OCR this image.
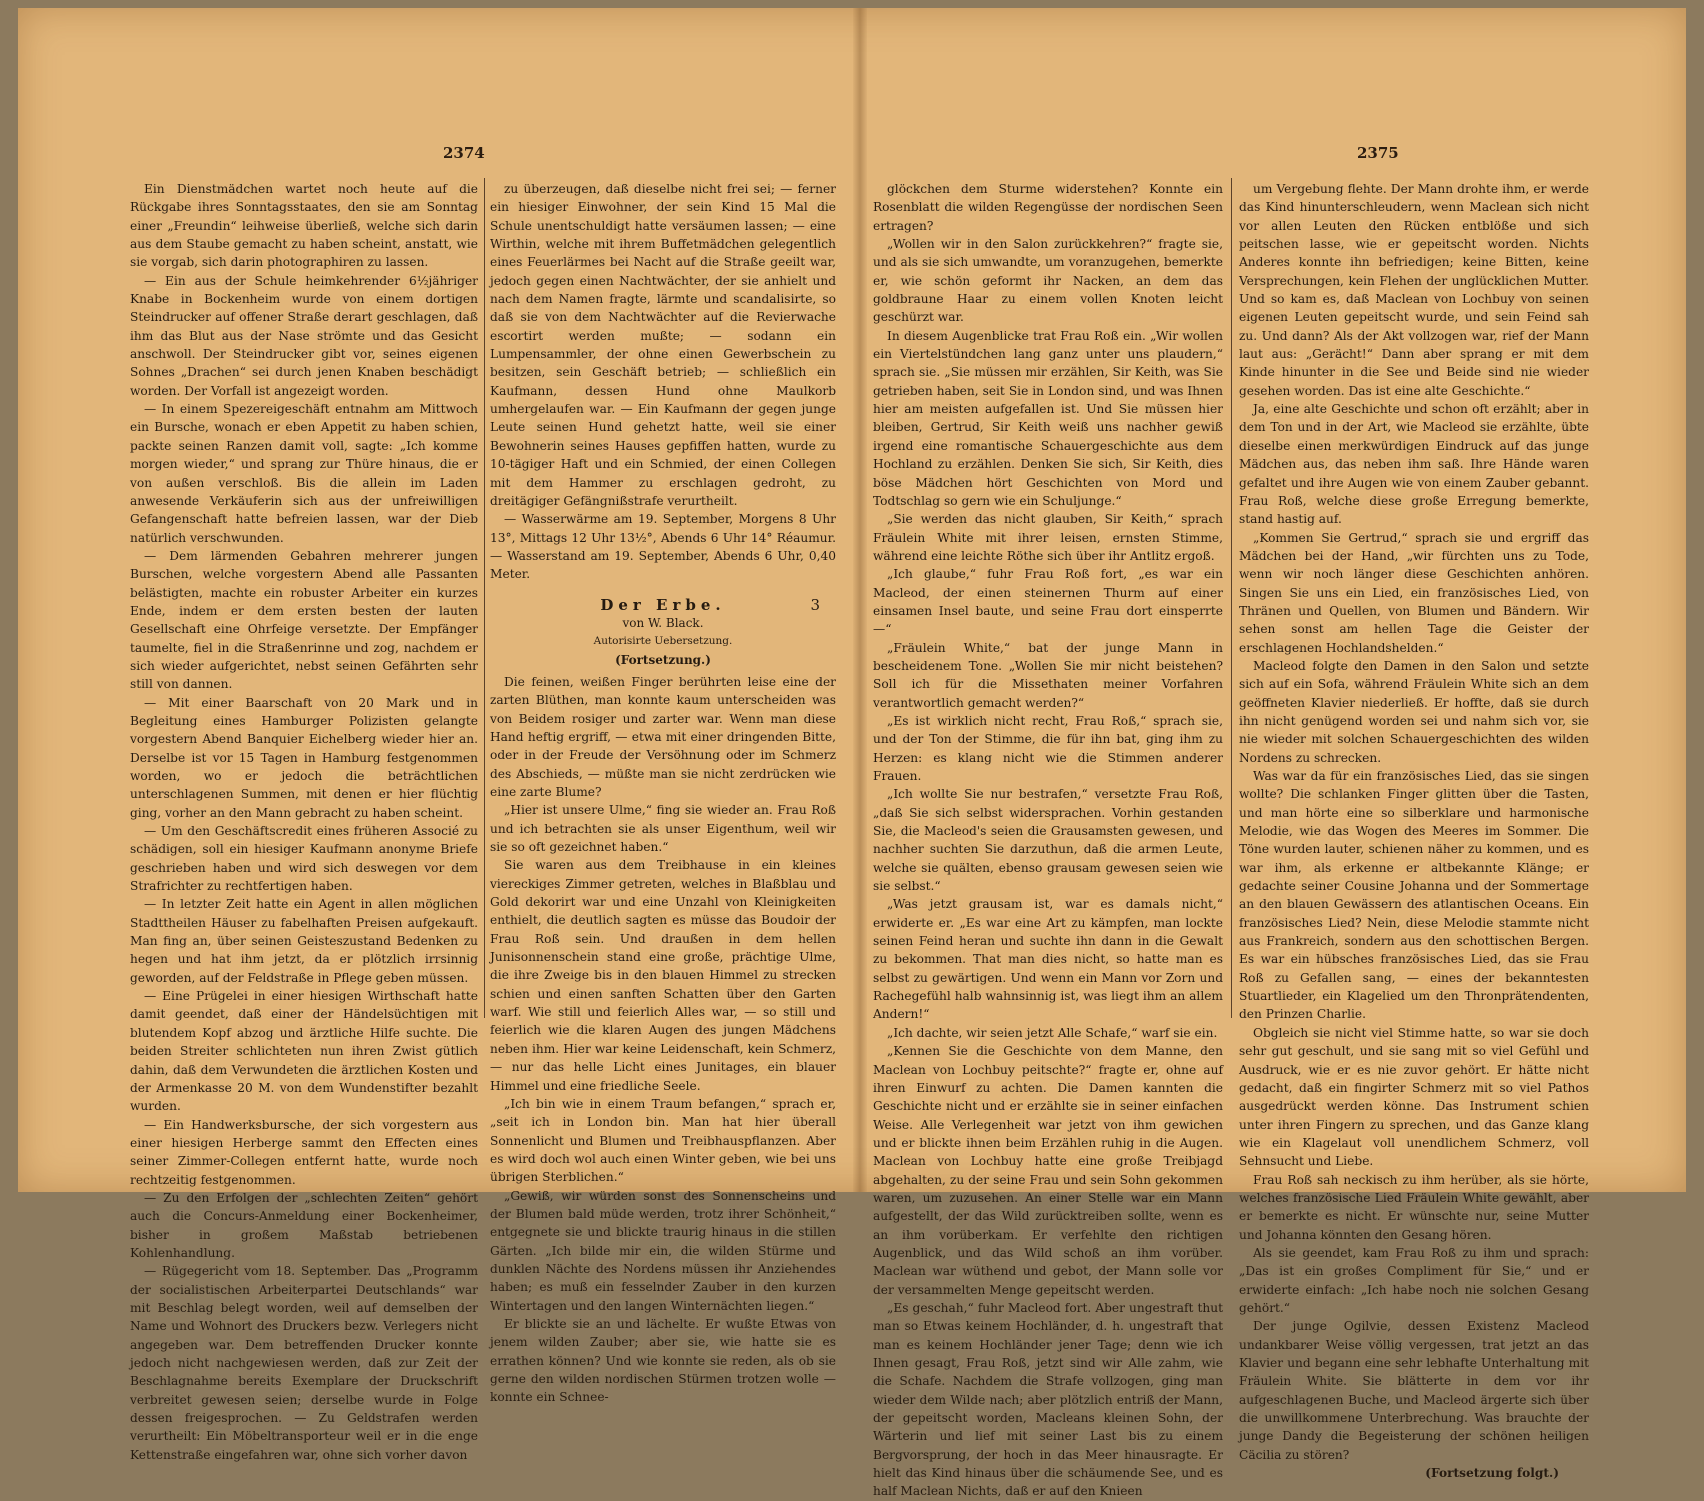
2374

Ein Dienstmädchen wartet noch heute auf die Rückgabe ihres Sonntagsstaates, den sie am Sonntag einer „Freundin“ leihweise überließ, welche sich darin aus dem Staube gemacht zu haben scheint, anstatt, wie sie vorgab, sich darin photographiren zu lassen.

— Ein aus der Schule heimkehrender 6½jähriger Knabe in Bockenheim wurde von einem dortigen Steindrucker auf offener Straße derart geschlagen, daß ihm das Blut aus der Nase strömte und das Gesicht anschwoll. Der Steindrucker gibt vor, seines eigenen Sohnes „Drachen“ sei durch jenen Knaben beschädigt worden. Der Vorfall ist angezeigt worden.

— In einem Spezereigeschäft entnahm am Mittwoch ein Bursche, wonach er eben Appetit zu haben schien, packte seinen Ranzen damit voll, sagte: „Ich komme morgen wieder,“ und sprang zur Thüre hinaus, die er von außen verschloß. Bis die allein im Laden anwesende Verkäuferin sich aus der unfreiwilligen Gefangenschaft hatte befreien lassen, war der Dieb natürlich verschwunden.

— Dem lärmenden Gebahren mehrerer jungen Burschen, welche vorgestern Abend alle Passanten belästigten, machte ein robuster Arbeiter ein kurzes Ende, indem er dem ersten besten der lauten Gesellschaft eine Ohrfeige versetzte. Der Empfänger taumelte, fiel in die Straßenrinne und zog, nachdem er sich wieder aufgerichtet, nebst seinen Gefährten sehr still von dannen.

— Mit einer Baarschaft von 20 Mark und in Begleitung eines Hamburger Polizisten gelangte vorgestern Abend Banquier Eichelberg wieder hier an. Derselbe ist vor 15 Tagen in Hamburg festgenommen worden, wo er jedoch die beträchtlichen unterschlagenen Summen, mit denen er hier flüchtig ging, vorher an den Mann gebracht zu haben scheint.

— Um den Geschäftscredit eines früheren Associé zu schädigen, soll ein hiesiger Kaufmann anonyme Briefe geschrieben haben und wird sich deswegen vor dem Strafrichter zu rechtfertigen haben.

— In letzter Zeit hatte ein Agent in allen möglichen Stadttheilen Häuser zu fabelhaften Preisen aufgekauft. Man fing an, über seinen Geisteszustand Bedenken zu hegen und hat ihm jetzt, da er plötzlich irrsinnig geworden, auf der Feldstraße in Pflege geben müssen.

— Eine Prügelei in einer hiesigen Wirthschaft hatte damit geendet, daß einer der Händelsüchtigen mit blutendem Kopf abzog und ärztliche Hilfe suchte. Die beiden Streiter schlichteten nun ihren Zwist gütlich dahin, daß dem Verwundeten die ärztlichen Kosten und der Armenkasse 20 M. von dem Wundenstifter bezahlt wurden.

— Ein Handwerksbursche, der sich vorgestern aus einer hiesigen Herberge sammt den Effecten eines seiner Zimmer-Collegen entfernt hatte, wurde noch rechtzeitig festgenommen.

— Zu den Erfolgen der „schlechten Zeiten“ gehört auch die Concurs-Anmeldung einer Bockenheimer, bisher in großem Maßstab betriebenen Kohlenhandlung.

— Rügegericht vom 18. September. Das „Programm der socialistischen Arbeiterpartei Deutschlands“ war mit Beschlag belegt worden, weil auf demselben der Name und Wohnort des Druckers bezw. Verlegers nicht angegeben war. Dem betreffenden Drucker konnte jedoch nicht nachgewiesen werden, daß zur Zeit der Beschlagnahme bereits Exemplare der Druckschrift verbreitet gewesen seien; derselbe wurde in Folge dessen freigesprochen. — Zu Geldstrafen werden verurtheilt: Ein Möbeltransporteur weil er in die enge Kettenstraße eingefahren war, ohne sich vorher davon

zu überzeugen, daß dieselbe nicht frei sei; — ferner ein hiesiger Einwohner, der sein Kind 15 Mal die Schule unentschuldigt hatte versäumen lassen; — eine Wirthin, welche mit ihrem Buffetmädchen gelegentlich eines Feuerlärmes bei Nacht auf die Straße geeilt war, jedoch gegen einen Nachtwächter, der sie anhielt und nach dem Namen fragte, lärmte und scandalisirte, so daß sie von dem Nachtwächter auf die Revierwache escortirt werden mußte; — sodann ein Lumpensammler, der ohne einen Gewerbschein zu besitzen, sein Geschäft betrieb; — schließlich ein Kaufmann, dessen Hund ohne Maulkorb umhergelaufen war. — Ein Kaufmann der gegen junge Leute seinen Hund gehetzt hatte, weil sie einer Bewohnerin seines Hauses gepfiffen hatten, wurde zu 10-tägiger Haft und ein Schmied, der einen Collegen mit dem Hammer zu erschlagen gedroht, zu dreitägiger Gefängnißstrafe verurtheilt.

— Wasserwärme am 19. September, Morgens 8 Uhr 13°, Mittags 12 Uhr 13½°, Abends 6 Uhr 14° Réaumur. — Wasserstand am 19. September, Abends 6 Uhr, 0,40 Meter.

Der Erbe.	3

von W. Black.

Autorisirte Uebersetzung.

(Fortsetzung.)

Die feinen, weißen Finger berührten leise eine der zarten Blüthen, man konnte kaum unterscheiden was von Beidem rosiger und zarter war. Wenn man diese Hand heftig ergriff, — etwa mit einer dringenden Bitte, oder in der Freude der Versöhnung oder im Schmerz des Abschieds, — müßte man sie nicht zerdrücken wie eine zarte Blume?

„Hier ist unsere Ulme,“ fing sie wieder an. Frau Roß und ich betrachten sie als unser Eigenthum, weil wir sie so oft gezeichnet haben.“

Sie waren aus dem Treibhause in ein kleines viereckiges Zimmer getreten, welches in Blaßblau und Gold dekorirt war und eine Unzahl von Kleinigkeiten enthielt, die deutlich sagten es müsse das Boudoir der Frau Roß sein. Und draußen in dem hellen Junisonnenschein stand eine große, prächtige Ulme, die ihre Zweige bis in den blauen Himmel zu strecken schien und einen sanften Schatten über den Garten warf. Wie still und feierlich Alles war, — so still und feierlich wie die klaren Augen des jungen Mädchens neben ihm. Hier war keine Leidenschaft, kein Schmerz, — nur das helle Licht eines Junitages, ein blauer Himmel und eine friedliche Seele.

„Ich bin wie in einem Traum befangen,“ sprach er, „seit ich in London bin. Man hat hier überall Sonnenlicht und Blumen und Treibhauspflanzen. Aber es wird doch wol auch einen Winter geben, wie bei uns übrigen Sterblichen.“

„Gewiß, wir würden sonst des Sonnenscheins und der Blumen bald müde werden, trotz ihrer Schönheit,“ entgegnete sie und blickte traurig hinaus in die stillen Gärten. „Ich bilde mir ein, die wilden Stürme und dunklen Nächte des Nordens müssen ihr Anziehendes haben; es muß ein fesselnder Zauber in den kurzen Wintertagen und den langen Winternächten liegen.“

Er blickte sie an und lächelte. Er wußte Etwas von jenem wilden Zauber; aber sie, wie hatte sie es errathen können? Und wie konnte sie reden, als ob sie gerne den wilden nordischen Stürmen trotzen wolle — konnte ein Schnee-

2375

glöckchen dem Sturme widerstehen? Konnte ein Rosenblatt die wilden Regengüsse der nordischen Seen ertragen?

„Wollen wir in den Salon zurückkehren?“ fragte sie, und als sie sich umwandte, um voranzugehen, bemerkte er, wie schön geformt ihr Nacken, an dem das goldbraune Haar zu einem vollen Knoten leicht geschürzt war.

In diesem Augenblicke trat Frau Roß ein. „Wir wollen ein Viertelstündchen lang ganz unter uns plaudern,“ sprach sie. „Sie müssen mir erzählen, Sir Keith, was Sie getrieben haben, seit Sie in London sind, und was Ihnen hier am meisten aufgefallen ist. Und Sie müssen hier bleiben, Gertrud, Sir Keith weiß uns nachher gewiß irgend eine romantische Schauergeschichte aus dem Hochland zu erzählen. Denken Sie sich, Sir Keith, dies böse Mädchen hört Geschichten von Mord und Todtschlag so gern wie ein Schuljunge.“

„Sie werden das nicht glauben, Sir Keith,“ sprach Fräulein White mit ihrer leisen, ernsten Stimme, während eine leichte Röthe sich über ihr Antlitz ergoß.

„Ich glaube,“ fuhr Frau Roß fort, „es war ein Macleod, der einen steinernen Thurm auf einer einsamen Insel baute, und seine Frau dort einsperrte —“

„Fräulein White,“ bat der junge Mann in bescheidenem Tone. „Wollen Sie mir nicht beistehen? Soll ich für die Missethaten meiner Vorfahren verantwortlich gemacht werden?“

„Es ist wirklich nicht recht, Frau Roß,“ sprach sie, und der Ton der Stimme, die für ihn bat, ging ihm zu Herzen: es klang nicht wie die Stimmen anderer Frauen.

„Ich wollte Sie nur bestrafen,“ versetzte Frau Roß, „daß Sie sich selbst widersprachen. Vorhin gestanden Sie, die Macleod's seien die Grausamsten gewesen, und nachher suchten Sie darzuthun, daß die armen Leute, welche sie quälten, ebenso grausam gewesen seien wie sie selbst.“

„Was jetzt grausam ist, war es damals nicht,“ erwiderte er. „Es war eine Art zu kämpfen, man lockte seinen Feind heran und suchte ihn dann in die Gewalt zu bekommen. That man dies nicht, so hatte man es selbst zu gewärtigen. Und wenn ein Mann vor Zorn und Rachegefühl halb wahnsinnig ist, was liegt ihm an allem Andern!“

„Ich dachte, wir seien jetzt Alle Schafe,“ warf sie ein.

„Kennen Sie die Geschichte von dem Manne, den Maclean von Lochbuy peitschte?“ fragte er, ohne auf ihren Einwurf zu achten. Die Damen kannten die Geschichte nicht und er erzählte sie in seiner einfachen Weise. Alle Verlegenheit war jetzt von ihm gewichen und er blickte ihnen beim Erzählen ruhig in die Augen. Maclean von Lochbuy hatte eine große Treibjagd abgehalten, zu der seine Frau und sein Sohn gekommen waren, um zuzusehen. An einer Stelle war ein Mann aufgestellt, der das Wild zurücktreiben sollte, wenn es an ihm vorüberkam. Er verfehlte den richtigen Augenblick, und das Wild schoß an ihm vorüber. Maclean war wüthend und gebot, der Mann solle vor der versammelten Menge gepeitscht werden.

„Es geschah,“ fuhr Macleod fort. Aber ungestraft thut man so Etwas keinem Hochländer, d. h. ungestraft that man es keinem Hochländer jener Tage; denn wie ich Ihnen gesagt, Frau Roß, jetzt sind wir Alle zahm, wie die Schafe. Nachdem die Strafe vollzogen, ging man wieder dem Wilde nach; aber plötzlich entriß der Mann, der gepeitscht worden, Macleans kleinen Sohn, der Wärterin und lief mit seiner Last bis zu einem Bergvorsprung, der hoch in das Meer hinausragte. Er hielt das Kind hinaus über die schäumende See, und es half Maclean Nichts, daß er auf den Knieen

um Vergebung flehte. Der Mann drohte ihm, er werde das Kind hinunterschleudern, wenn Maclean sich nicht vor allen Leuten den Rücken entblöße und sich peitschen lasse, wie er gepeitscht worden. Nichts Anderes konnte ihn befriedigen; keine Bitten, keine Versprechungen, kein Flehen der unglücklichen Mutter. Und so kam es, daß Maclean von Lochbuy von seinen eigenen Leuten gepeitscht wurde, und sein Feind sah zu. Und dann? Als der Akt vollzogen war, rief der Mann laut aus: „Gerächt!“ Dann aber sprang er mit dem Kinde hinunter in die See und Beide sind nie wieder gesehen worden. Das ist eine alte Geschichte.“

Ja, eine alte Geschichte und schon oft erzählt; aber in dem Ton und in der Art, wie Macleod sie erzählte, übte dieselbe einen merkwürdigen Eindruck auf das junge Mädchen aus, das neben ihm saß. Ihre Hände waren gefaltet und ihre Augen wie von einem Zauber gebannt. Frau Roß, welche diese große Erregung bemerkte, stand hastig auf.

„Kommen Sie Gertrud,“ sprach sie und ergriff das Mädchen bei der Hand, „wir fürchten uns zu Tode, wenn wir noch länger diese Geschichten anhören. Singen Sie uns ein Lied, ein französisches Lied, von Thränen und Quellen, von Blumen und Bändern. Wir sehen sonst am hellen Tage die Geister der erschlagenen Hochlandshelden.“

Macleod folgte den Damen in den Salon und setzte sich auf ein Sofa, während Fräulein White sich an dem geöffneten Klavier niederließ. Er hoffte, daß sie durch ihn nicht genügend worden sei und nahm sich vor, sie nie wieder mit solchen Schauergeschichten des wilden Nordens zu schrecken.

Was war da für ein französisches Lied, das sie singen wollte? Die schlanken Finger glitten über die Tasten, und man hörte eine so silberklare und harmonische Melodie, wie das Wogen des Meeres im Sommer. Die Töne wurden lauter, schienen näher zu kommen, und es war ihm, als erkenne er altbekannte Klänge; er gedachte seiner Cousine Johanna und der Sommertage an den blauen Gewässern des atlantischen Oceans. Ein französisches Lied? Nein, diese Melodie stammte nicht aus Frankreich, sondern aus den schottischen Bergen. Es war ein hübsches französisches Lied, das sie Frau Roß zu Gefallen sang, — eines der bekanntesten Stuartlieder, ein Klagelied um den Thronprätendenten, den Prinzen Charlie.

Obgleich sie nicht viel Stimme hatte, so war sie doch sehr gut geschult, und sie sang mit so viel Gefühl und Ausdruck, wie er es nie zuvor gehört. Er hätte nicht gedacht, daß ein fingirter Schmerz mit so viel Pathos ausgedrückt werden könne. Das Instrument schien unter ihren Fingern zu sprechen, und das Ganze klang wie ein Klagelaut voll unendlichem Schmerz, voll Sehnsucht und Liebe.

Frau Roß sah neckisch zu ihm herüber, als sie hörte, welches französische Lied Fräulein White gewählt, aber er bemerkte es nicht. Er wünschte nur, seine Mutter und Johanna könnten den Gesang hören.

Als sie geendet, kam Frau Roß zu ihm und sprach: „Das ist ein großes Compliment für Sie,“ und er erwiderte einfach: „Ich habe noch nie solchen Gesang gehört.“

Der junge Ogilvie, dessen Existenz Macleod undankbarer Weise völlig vergessen, trat jetzt an das Klavier und begann eine sehr lebhafte Unterhaltung mit Fräulein White. Sie blätterte in dem vor ihr aufgeschlagenen Buche, und Macleod ärgerte sich über die unwillkommene Unterbrechung. Was brauchte der junge Dandy die Begeisterung der schönen heiligen Cäcilia zu stören?

(Fortsetzung folgt.)
